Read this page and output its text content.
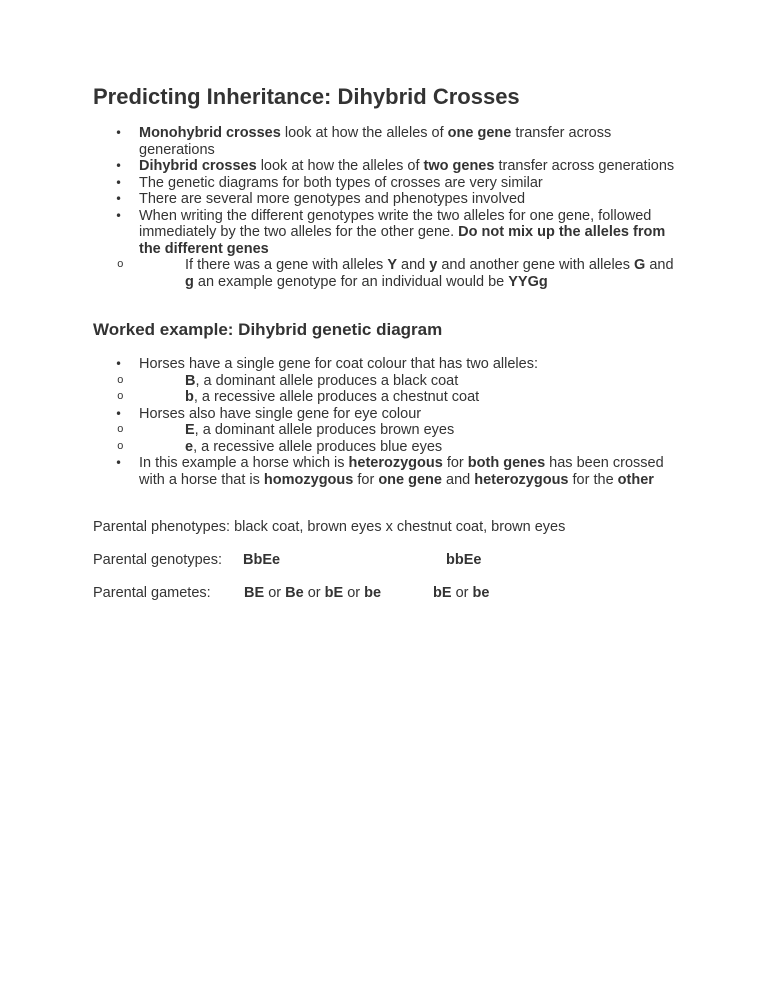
Predicting Inheritance: Dihybrid Crosses
• Monohybrid crosses look at how the alleles of one gene transfer across generations
• Dihybrid crosses look at how the alleles of two genes transfer across generations
• The genetic diagrams for both types of crosses are very similar
• There are several more genotypes and phenotypes involved
• When writing the different genotypes write the two alleles for one gene, followed immediately by the two alleles for the other gene. Do not mix up the alleles from the different genes
o If there was a gene with alleles Y and y and another gene with alleles G and g an example genotype for an individual would be YYGg
Worked example: Dihybrid genetic diagram
• Horses have a single gene for coat colour that has two alleles:
o B, a dominant allele produces a black coat
o b, a recessive allele produces a chestnut coat
• Horses also have single gene for eye colour
o E, a dominant allele produces brown eyes
o e, a recessive allele produces blue eyes
• In this example a horse which is heterozygous for both genes has been crossed with a horse that is homozygous for one gene and heterozygous for the other
Parental phenotypes: black coat, brown eyes x chestnut coat, brown eyes
Parental genotypes: BbEe	bbEe
Parental gametes: BE or Be or bE or be	bE or be
